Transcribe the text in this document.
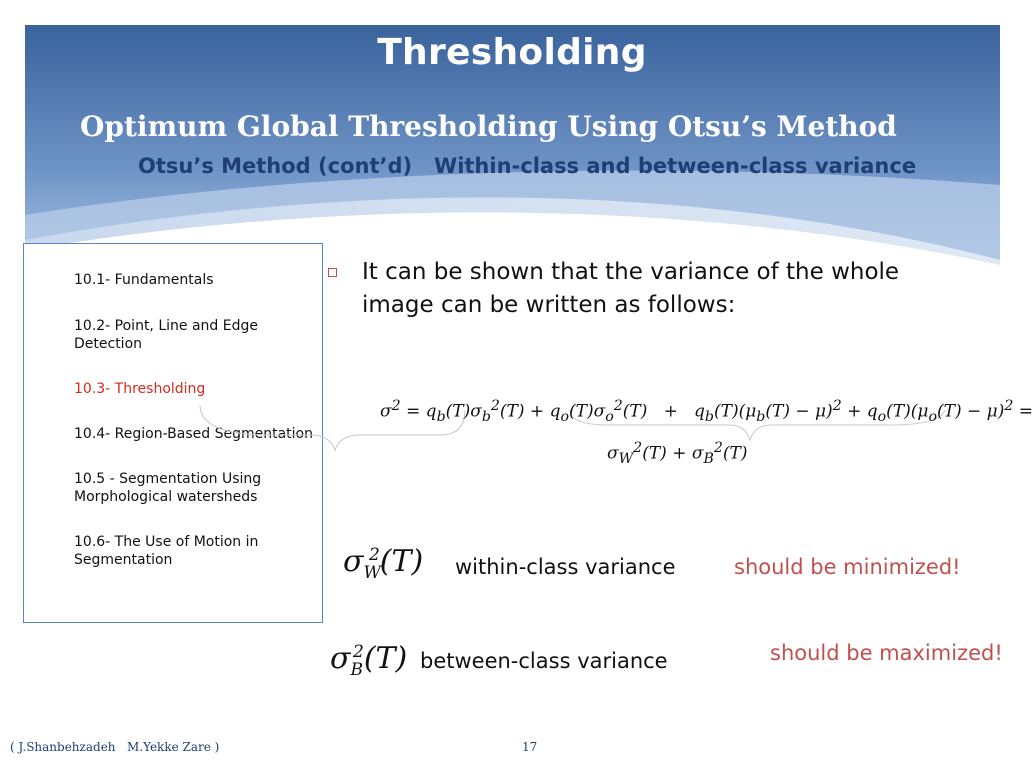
Thresholding
Optimum Global Thresholding Using Otsu’s Method
Otsu’s Method (cont’d)   Within-class and between-class variance
10.1- Fundamentals
10.2- Point, Line and Edge Detection
10.3- Thresholding
10.4- Region-Based Segmentation
10.5 - Segmentation Using Morphological watersheds
10.6- The Use of Motion in Segmentation
It can be shown that the variance of the whole image can be written as follows:
$\sigma^2 = q_b(T)\sigma_b^2(T) + q_o(T)\sigma_o^2(T) + q_b(T)(\mu_b(T) - \mu)^2 + q_o(T)(\mu_o(T) - \mu)^2$ =
$\sigma_W^2(T) + \sigma_B^2(T)$
$\sigma_W^2(T)$ within-class variance	should be minimized!
$\sigma_B^2(T)$ between-class variance	should be maximized!
( J.Shanbehzadeh   M.Yekke Zare )	17
